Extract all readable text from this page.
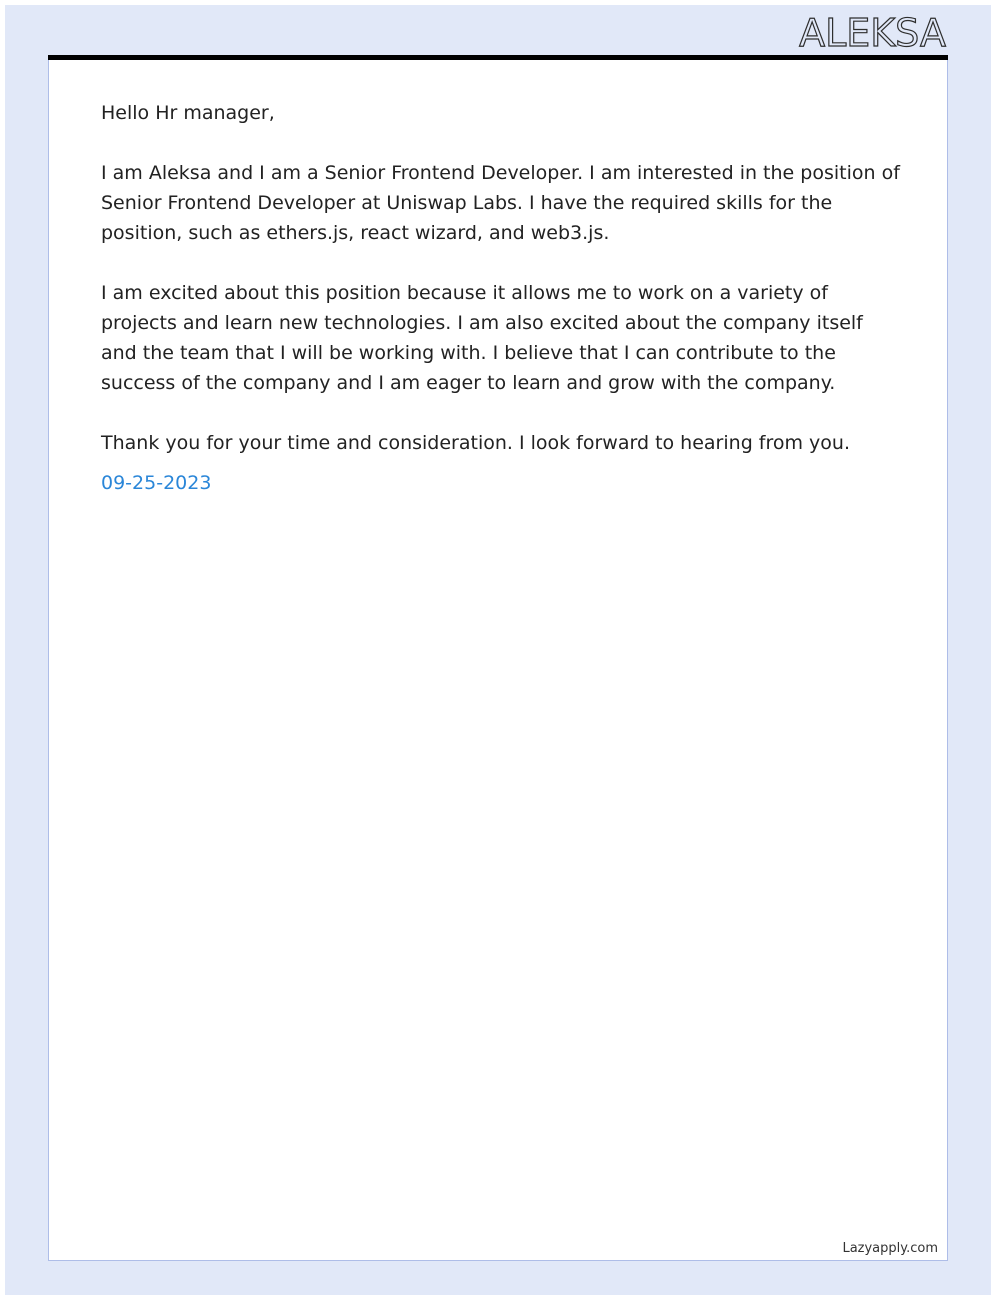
ALEKSA

Hello Hr manager,

I am Aleksa and I am a Senior Frontend Developer. I am interested in the position of Senior Frontend Developer at Uniswap Labs. I have the required skills for the position, such as ethers.js, react wizard, and web3.js.

I am excited about this position because it allows me to work on a variety of projects and learn new technologies. I am also excited about the company itself and the team that I will be working with. I believe that I can contribute to the success of the company and I am eager to learn and grow with the company.

Thank you for your time and consideration. I look forward to hearing from you.

09-25-2023
Lazyapply.com
